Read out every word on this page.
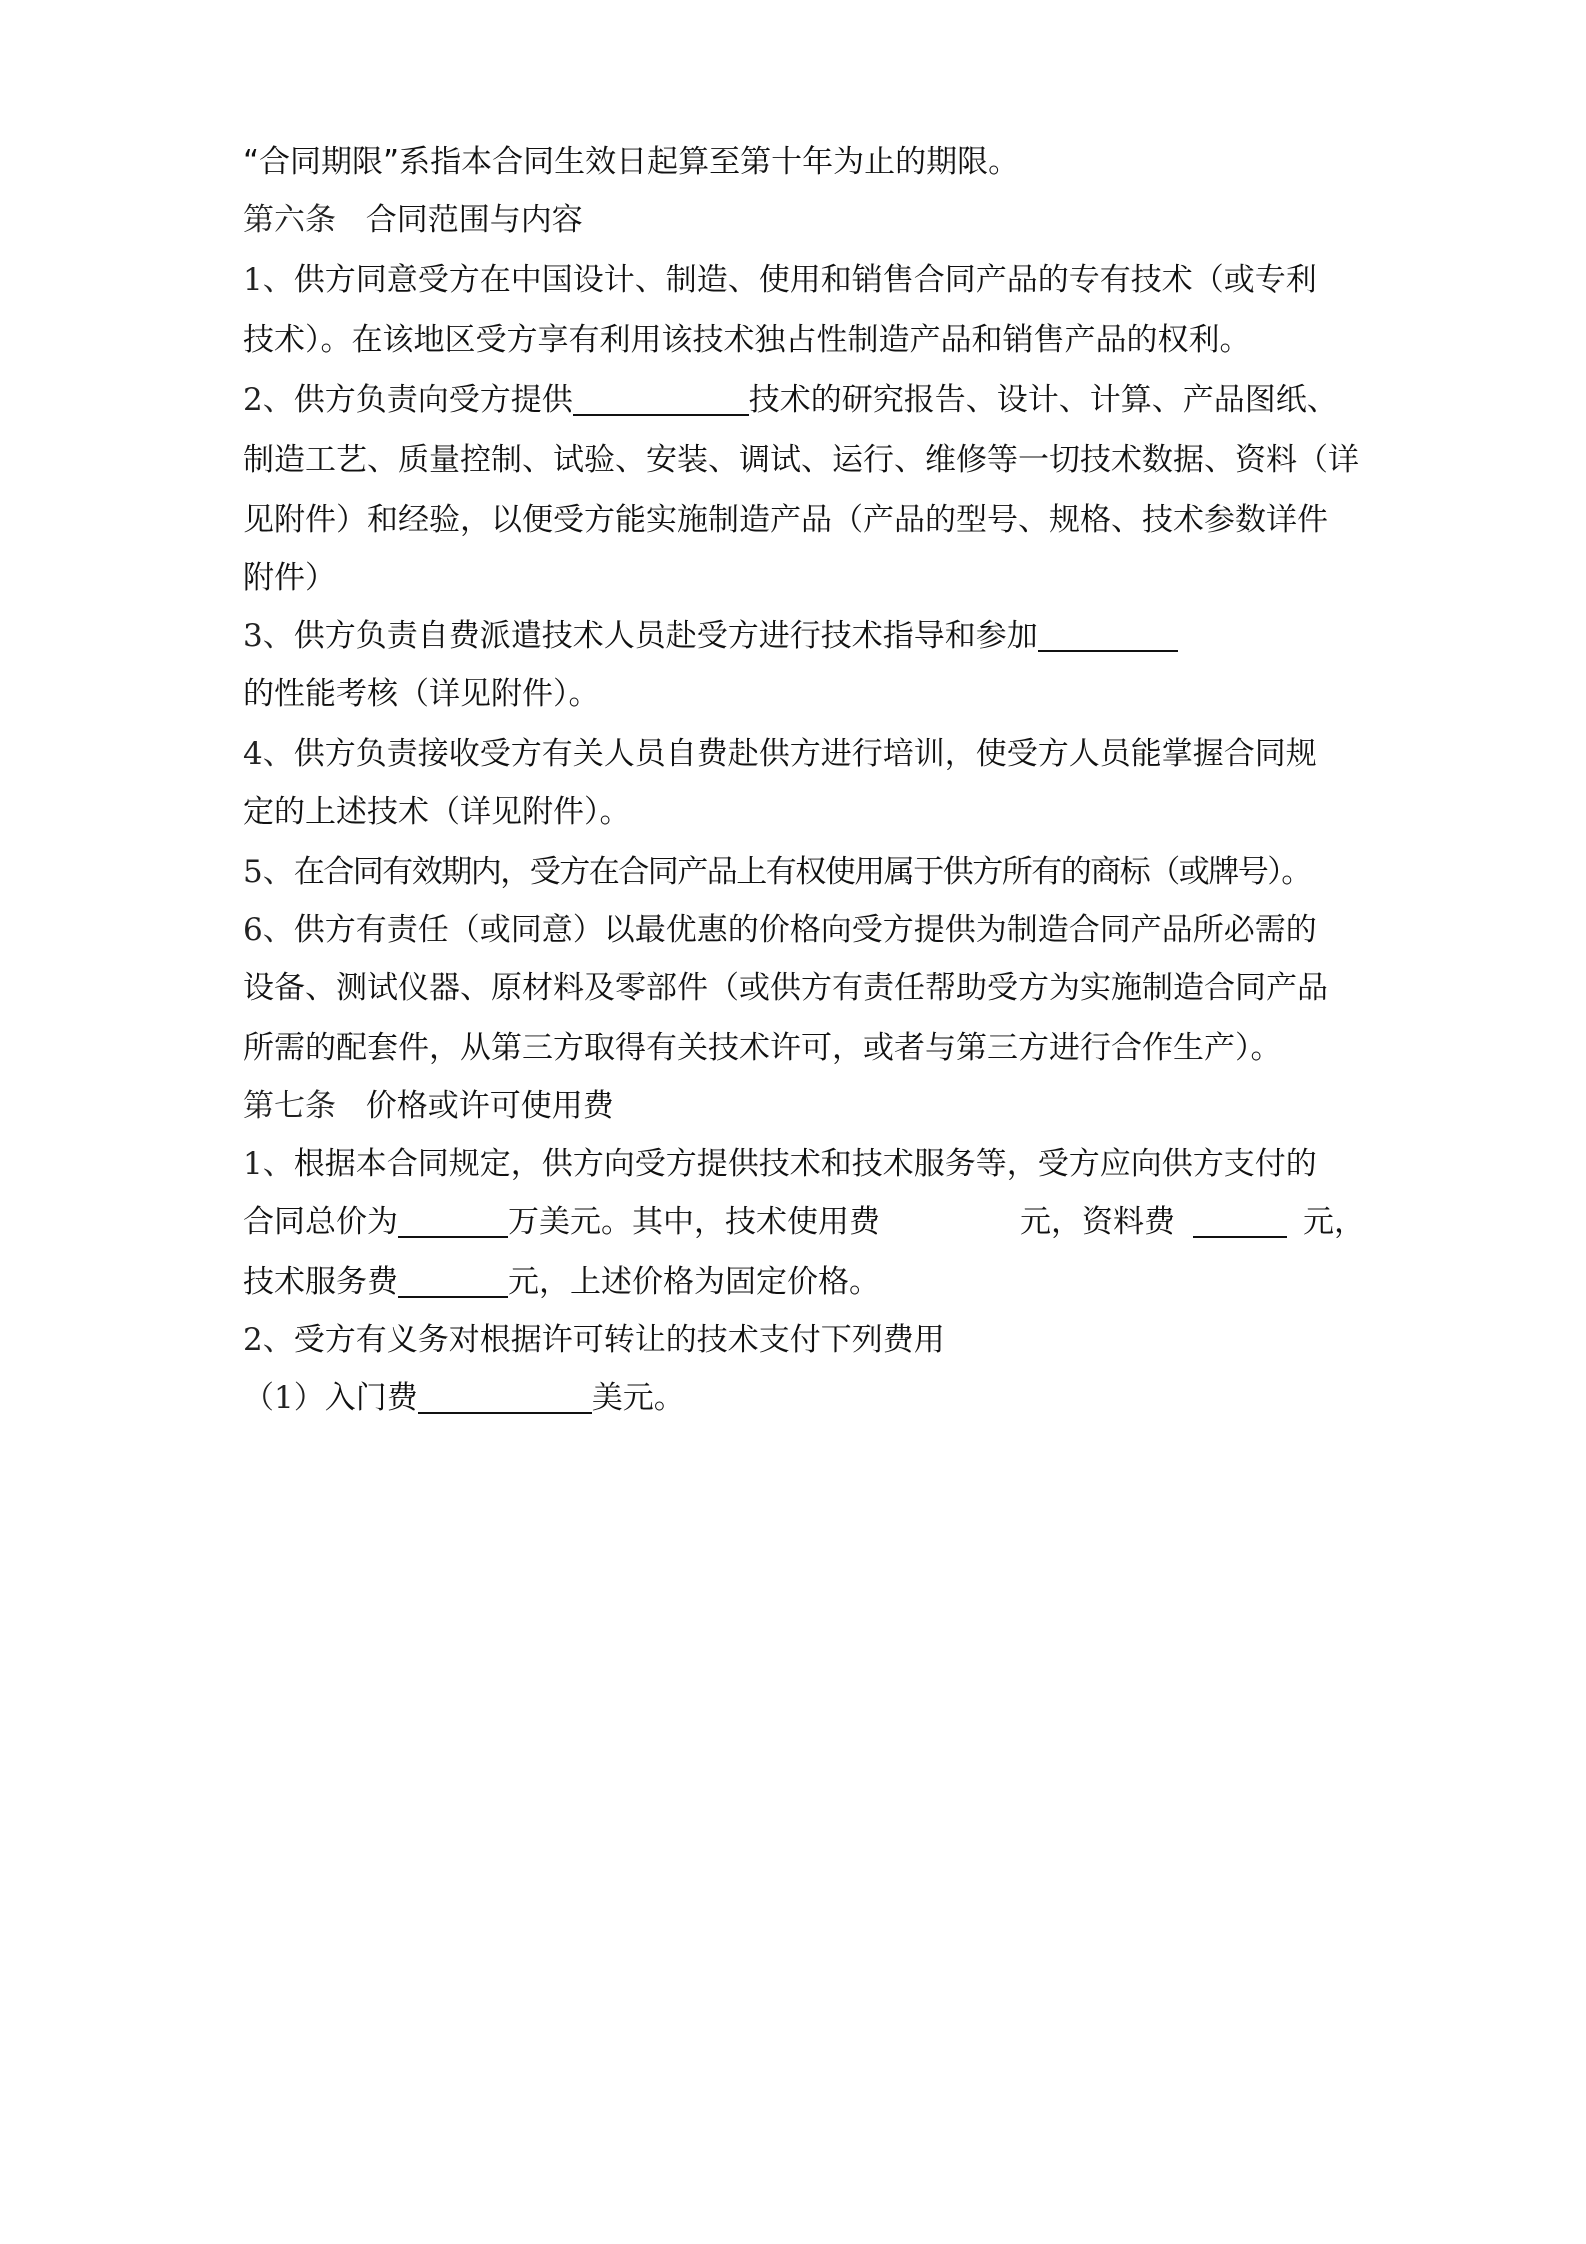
“合同期限”系指本合同生效日起算至第十年为止的期限。
第六条 合同范围与内容
1、供方同意受方在中国设计、制造、使用和销售合同产品的专有技术（或专利
技术）。在该地区受方享有利用该技术独占性制造产品和销售产品的权利。
2、供方负责向受方提供	技术的研究报告、设计、计算、产品图纸、
制造工艺、质量控制、试验、安装、调试、运行、维修等一切技术数据、资料（详
见附件）和经验，以便受方能实施制造产品（产品的型号、规格、技术参数详件
附件）
3、供方负责自费派遣技术人员赴受方进行技术指导和参加
的性能考核（详见附件）。
4、供方负责接收受方有关人员自费赴供方进行培训，使受方人员能掌握合同规
定的上述技术（详见附件）。
5、在合同有效期内，受方在合同产品上有权使用属于供方所有的商标（或牌号）。
6、供方有责任（或同意）以最优惠的价格向受方提供为制造合同产品所必需的
设备、测试仪器、原材料及零部件（或供方有责任帮助受方为实施制造合同产品
所需的配套件，从第三方取得有关技术许可，或者与第三方进行合作生产）。
第七条 价格或许可使用费
1、根据本合同规定，供方向受方提供技术和技术服务等，受方应向供方支付的
合同总价为	万美元。其中，技术使用费	元，资料费	元，
技术服务费	元，上述价格为固定价格。
2、受方有义务对根据许可转让的技术支付下列费用
（1）入门费	美元。
